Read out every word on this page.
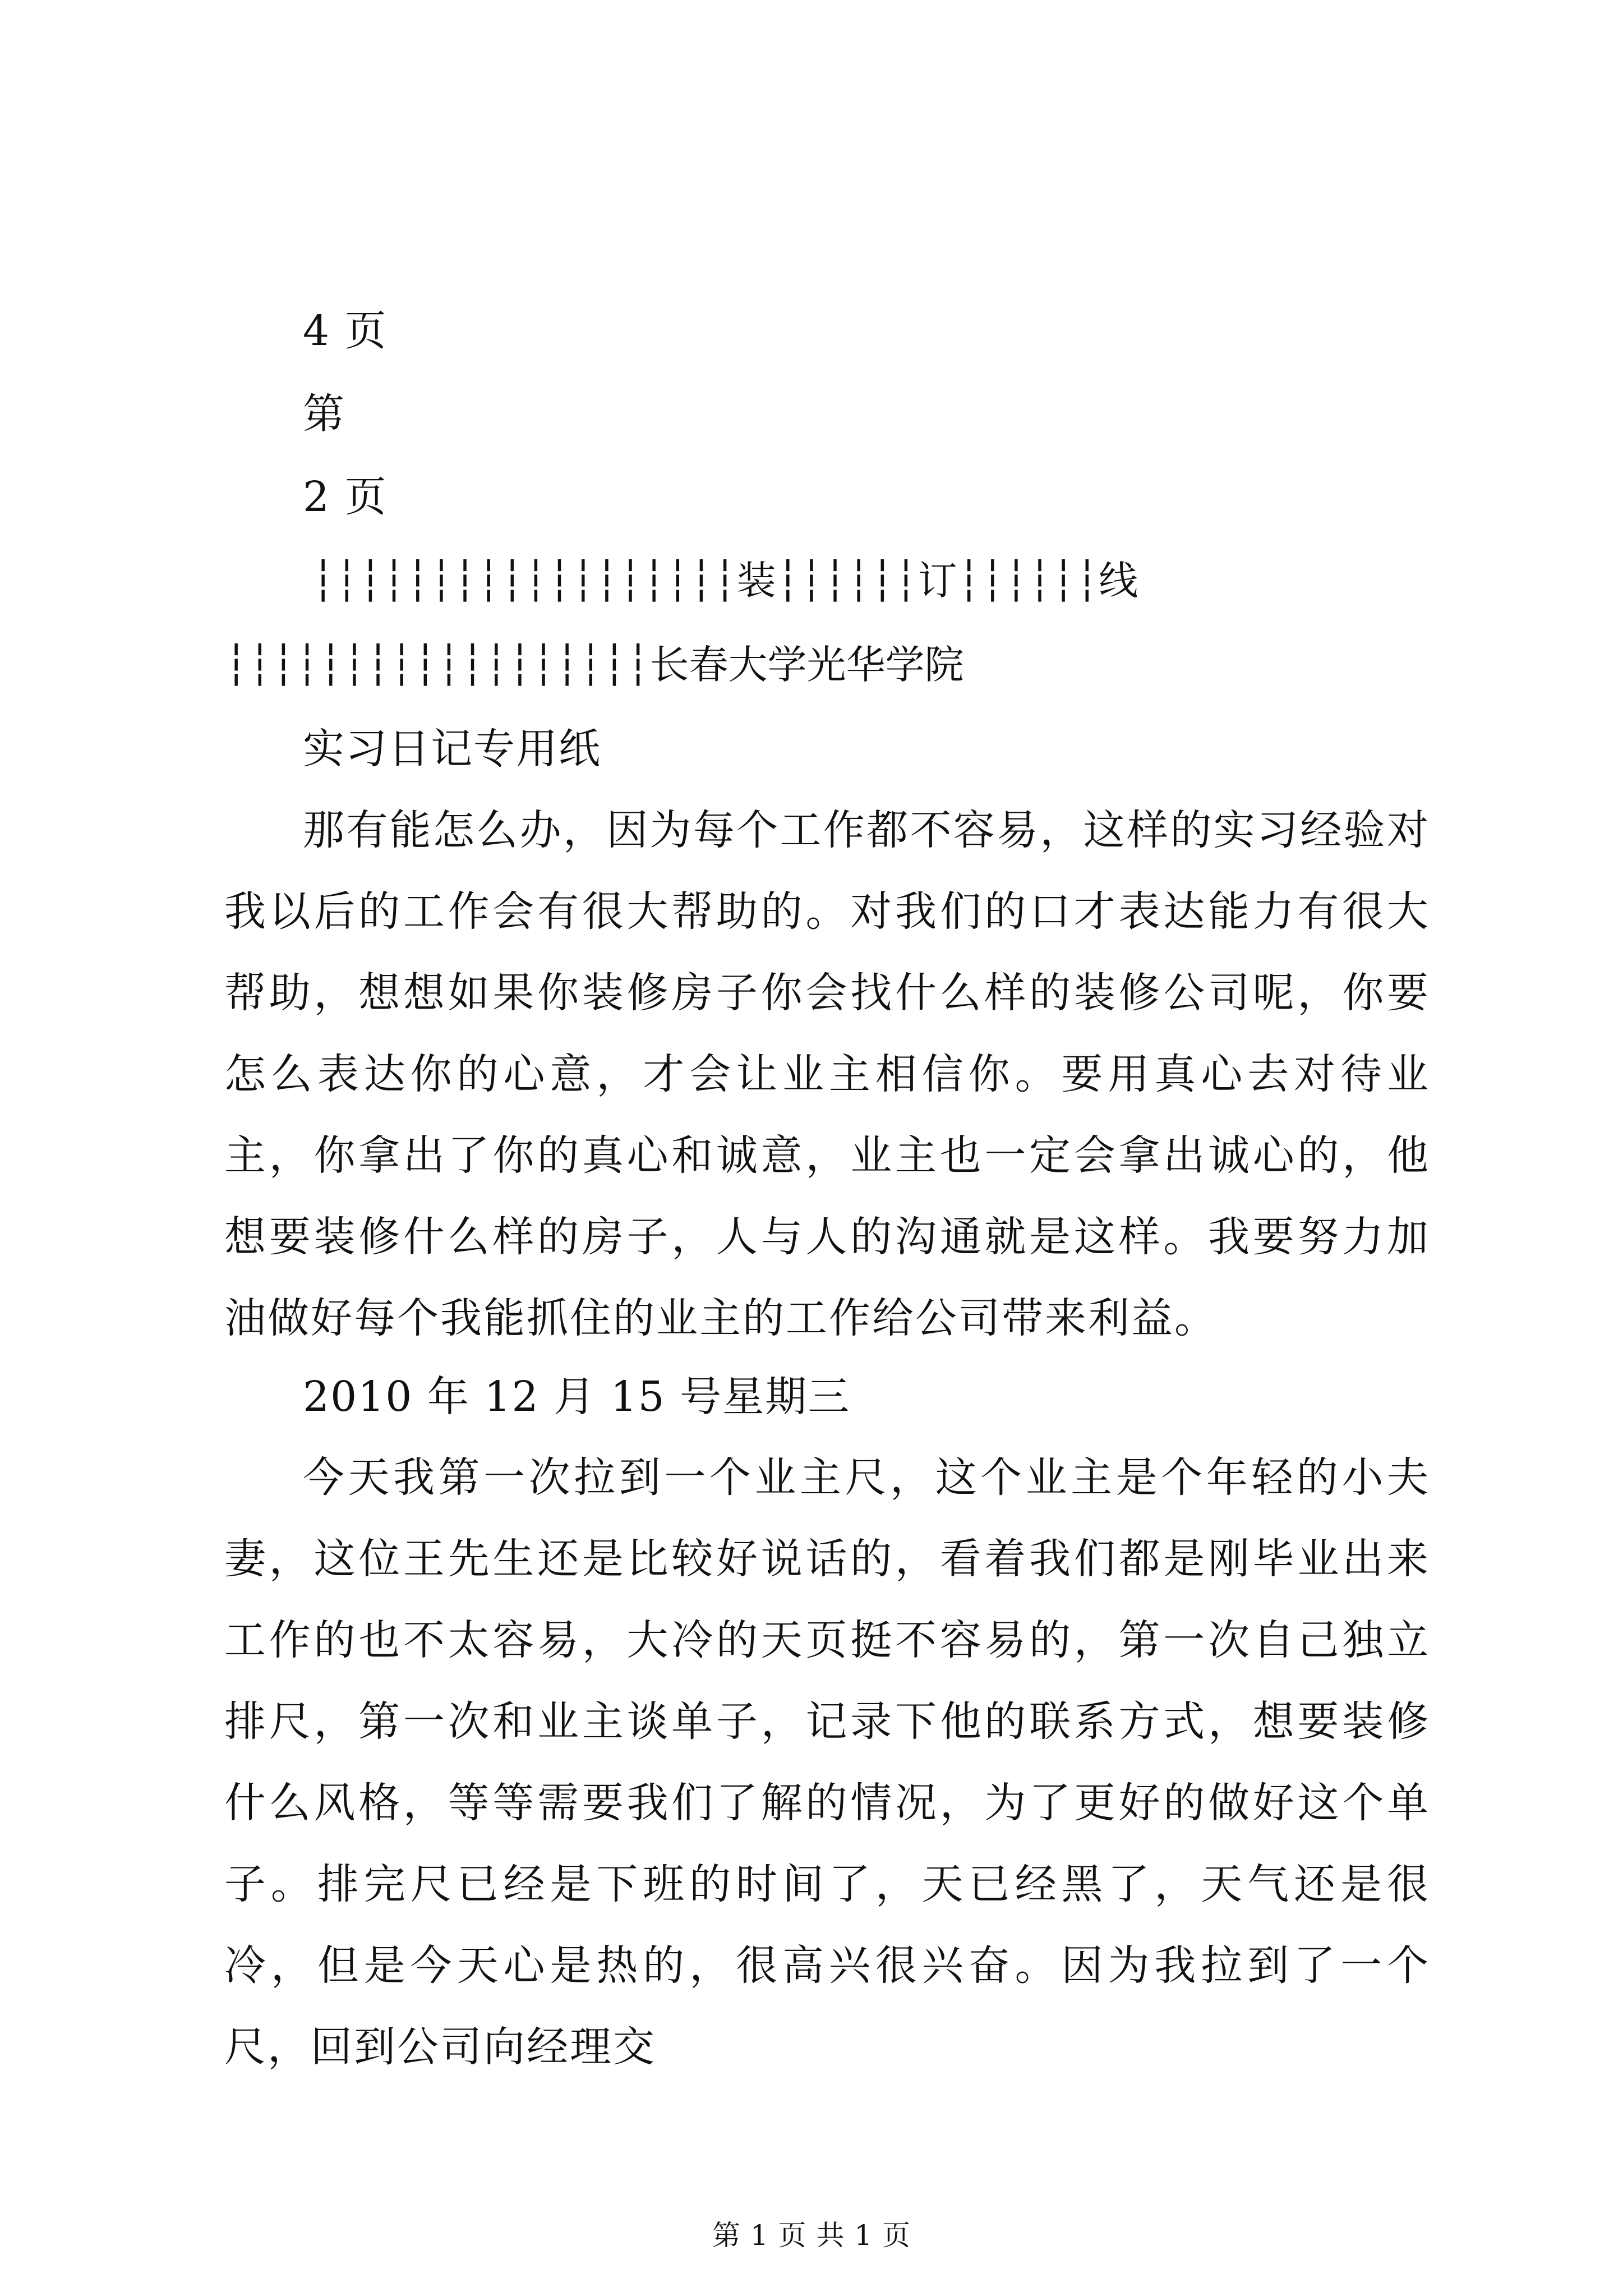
4 页
第
2 页
┆┆┆┆┆┆┆┆┆┆┆┆┆┆┆┆┆┆装┆┆┆┆┆┆订┆┆┆┆┆┆线
┆┆┆┆┆┆┆┆┆┆┆┆┆┆┆┆┆┆长春大学光华学院
实习日记专用纸

那有能怎么办，因为每个工作都不容易，这样的实习经验对我以后的工作会有很大帮助的。对我们的口才表达能力有很大帮助，想想如果你装修房子你会找什么样的装修公司呢，你要怎么表达你的心意，才会让业主相信你。要用真心去对待业主，你拿出了你的真心和诚意，业主也一定会拿出诚心的，他想要装修什么样的房子，人与人的沟通就是这样。我要努力加油做好每个我能抓住的业主的工作给公司带来利益。

2010 年 12 月 15 号星期三

今天我第一次拉到一个业主尺，这个业主是个年轻的小夫妻，这位王先生还是比较好说话的，看着我们都是刚毕业出来工作的也不太容易，大冷的天页挺不容易的，第一次自己独立排尺，第一次和业主谈单子，记录下他的联系方式，想要装修什么风格，等等需要我们了解的情况，为了更好的做好这个单子。排完尺已经是下班的时间了，天已经黑了，天气还是很冷，但是今天心是热的，很高兴很兴奋。因为我拉到了一个尺，回到公司向经理交

第 1 页 共 1 页
